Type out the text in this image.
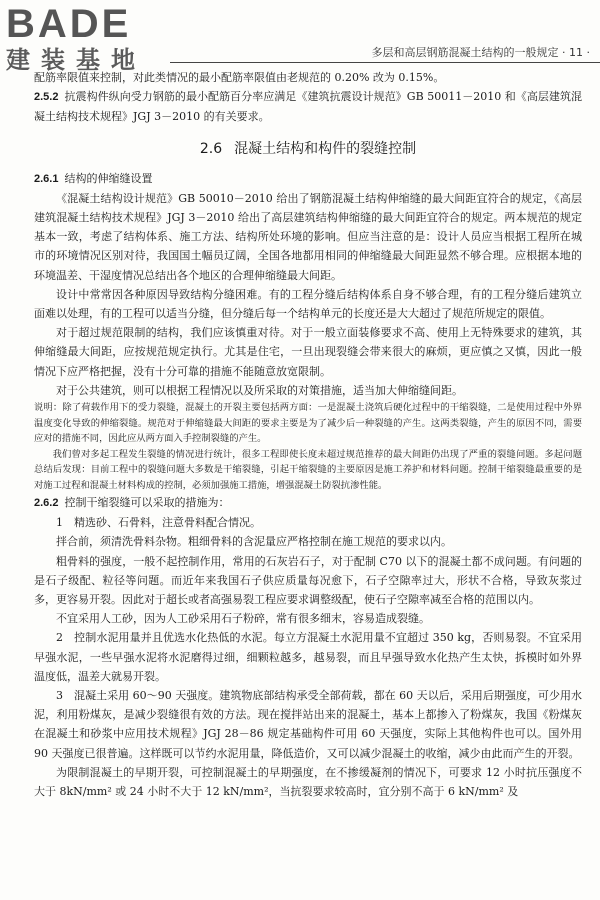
BADE
建装基地	多层和高层钢筋混凝土结构的一般规定 · 11 ·

配筋率限值来控制，对此类情况的最小配筋率限值由老规范的 0.20% 改为 0.15%。

2.5.2 抗震构件纵向受力钢筋的最小配筋百分率应满足《建筑抗震设计规范》GB 50011－2010 和《高层建筑混凝土结构技术规程》JGJ 3－2010 的有关要求。

2.6 混凝土结构和构件的裂缝控制

2.6.1 结构的伸缩缝设置

《混凝土结构设计规范》GB 50010－2010 给出了钢筋混凝土结构伸缩缝的最大间距宜符合的规定，《高层建筑混凝土结构技术规程》JGJ 3－2010 给出了高层建筑结构伸缩缝的最大间距宜符合的规定。两本规范的规定基本一致，考虑了结构体系、施工方法、结构所处环境的影响。但应当注意的是：设计人员应当根据工程所在城市的环境情况区别对待，我国国土幅员辽阔，全国各地都用相同的伸缩缝最大间距显然不够合理。应根据本地的环境温差、干湿度情况总结出各个地区的合理伸缩缝最大间距。

设计中常常因各种原因导致结构分缝困难。有的工程分缝后结构体系自身不够合理，有的工程分缝后建筑立面难以处理，有的工程可以适当分缝，但分缝后每一个结构单元的长度还是大大超过了规范所规定的限值。

对于超过规范限制的结构，我们应该慎重对待。对于一般立面装修要求不高、使用上无特殊要求的建筑，其伸缩缝最大间距，应按规范规定执行。尤其是住宅，一旦出现裂缝会带来很大的麻烦，更应慎之又慎，因此一般情况下应严格把握，没有十分可靠的措施不能随意放宽限制。

对于公共建筑，则可以根据工程情况以及所采取的对策措施，适当加大伸缩缝间距。

说明：除了荷载作用下的受力裂缝，混凝土的开裂主要包括两方面：一是混凝土浇筑后硬化过程中的干缩裂缝，二是使用过程中外界温度变化导致的伸缩裂缝。规范对于伸缩缝最大间距的要求主要是为了减少后一种裂缝的产生。这两类裂缝，产生的原因不同，需要应对的措施不同，因此应从两方面入手控制裂缝的产生。

我们曾对多起工程发生裂缝的情况进行统计，很多工程即使长度未超过规范推荐的最大间距仍出现了严重的裂缝问题。多起问题总结后发现：目前工程中的裂缝问题大多数是干缩裂缝，引起干缩裂缝的主要原因是施工养护和材料问题。控制干缩裂缝最重要的是对施工过程和混凝土材料构成的控制，必须加强施工措施，增强混凝土防裂抗渗性能。

2.6.2 控制干缩裂缝可以采取的措施为：

1　精选砂、石骨料，注意骨料配合情况。

拌合前，须清洗骨料杂物。粗细骨料的含泥量应严格控制在施工规范的要求以内。

粗骨料的强度，一般不起控制作用，常用的石灰岩石子，对于配制 C70 以下的混凝土都不成问题。有问题的是石子级配、粒径等问题。而近年来我国石子供应质量每况愈下，石子空隙率过大，形状不合格，导致灰浆过多，更容易开裂。因此对于超长或者高强易裂工程应要求调整级配，使石子空隙率减至合格的范围以内。

不宜采用人工砂，因为人工砂采用石子粉碎，常有很多细末，容易造成裂缝。

2　控制水泥用量并且优选水化热低的水泥。每立方混凝土水泥用量不宜超过 350 kg，否则易裂。不宜采用早强水泥，一些早强水泥将水泥磨得过细，细颗粒越多，越易裂，而且早强导致水化热产生太快，拆模时如外界温度低，温差大就易开裂。

3　混凝土采用 60～90 天强度。建筑物底部结构承受全部荷载，都在 60 天以后，采用后期强度，可少用水泥，利用粉煤灰，是减少裂缝很有效的方法。现在搅拌站出来的混凝土，基本上都掺入了粉煤灰，我国《粉煤灰在混凝土和砂浆中应用技术规程》JGJ 28－86 规定基础构件可用 60 天强度，实际上其他构件也可以。国外用 90 天强度已很普遍。这样既可以节约水泥用量，降低造价，又可以减少混凝土的收缩，减少由此而产生的开裂。

为限制混凝土的早期开裂，可控制混凝土的早期强度，在不掺缓凝剂的情况下，可要求 12 小时抗压强度不大于 8kN/mm² 或 24 小时不大于 12 kN/mm²，当抗裂要求较高时，宜分别不高于 6 kN/mm² 及
